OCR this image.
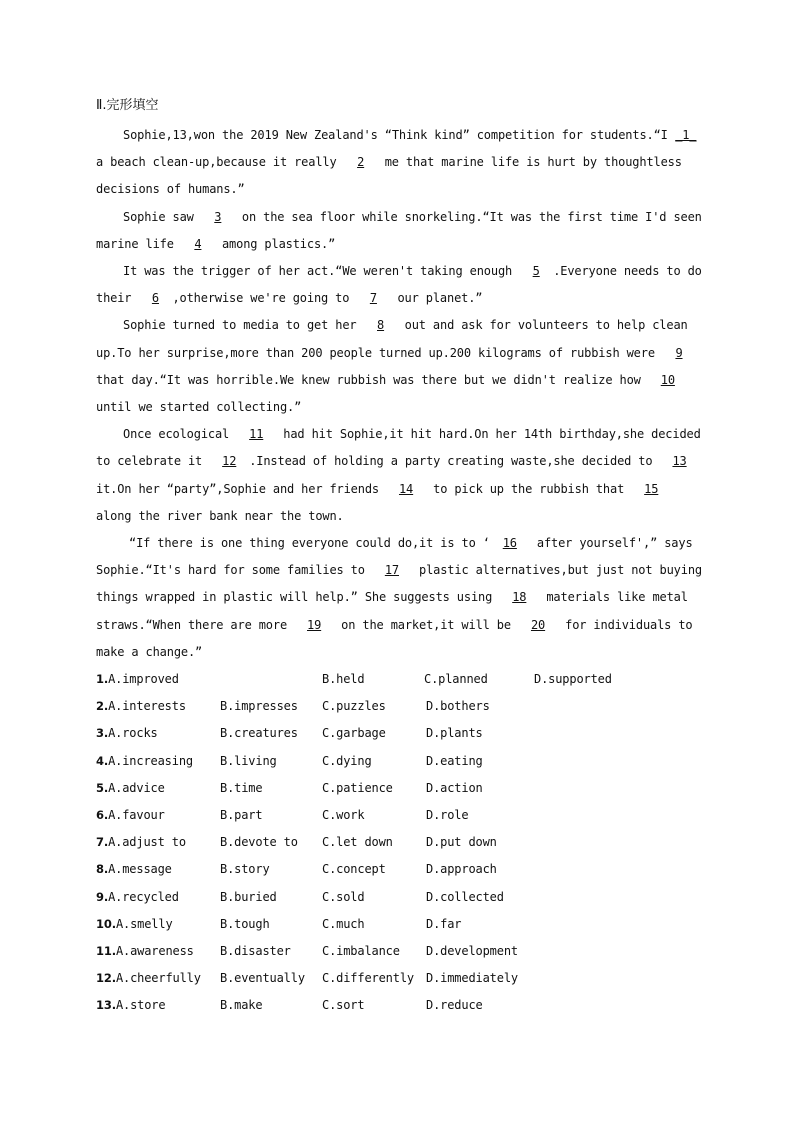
Ⅱ.完形填空
Sophie,13,won the 2019 New Zealand's “Think kind” competition for students.“I _1_ a beach clean-up,because it really 2 me that marine life is hurt by thoughtless decisions of humans.”
Sophie saw 3 on the sea floor while snorkeling.“It was the first time I'd seen marine life 4 among plastics.”
It was the trigger of her act.“We weren't taking enough 5 .Everyone needs to do their 6 ,otherwise we're going to 7 our planet.”
Sophie turned to media to get her 8 out and ask for volunteers to help clean up.To her surprise,more than 200 people turned up.200 kilograms of rubbish were 9 that day.“It was horrible.We knew rubbish was there but we didn't realize how 10 until we started collecting.”
Once ecological 11 had hit Sophie,it hit hard.On her 14th birthday,she decided to celebrate it 12 .Instead of holding a party creating waste,she decided to 13 it.On her “party”,Sophie and her friends 14 to pick up the rubbish that 15 along the river bank near the town.
“If there is one thing everyone could do,it is to ‘ 16 after yourself',” says Sophie.“It's hard for some families to 17 plastic alternatives,but just not buying things wrapped in plastic will help.” She suggests using 18 materials like metal straws.“When there are more 19 on the market,it will be 20 for individuals to make a change.”
1.A.improved	B.held	C.planned	D.supported
2.A.interests	B.impresses	C.puzzles	D.bothers
3.A.rocks	B.creatures	C.garbage	D.plants
4.A.increasing	B.living	C.dying	D.eating
5.A.advice	B.time	C.patience	D.action
6.A.favour	B.part	C.work	D.role
7.A.adjust to	B.devote to	C.let down	D.put down
8.A.message	B.story	C.concept	D.approach
9.A.recycled	B.buried	C.sold	D.collected
10.A.smelly	B.tough	C.much	D.far
11.A.awareness	B.disaster	C.imbalance	D.development
12.A.cheerfully	B.eventually	C.differently	D.immediately
13.A.store	B.make	C.sort	D.reduce
